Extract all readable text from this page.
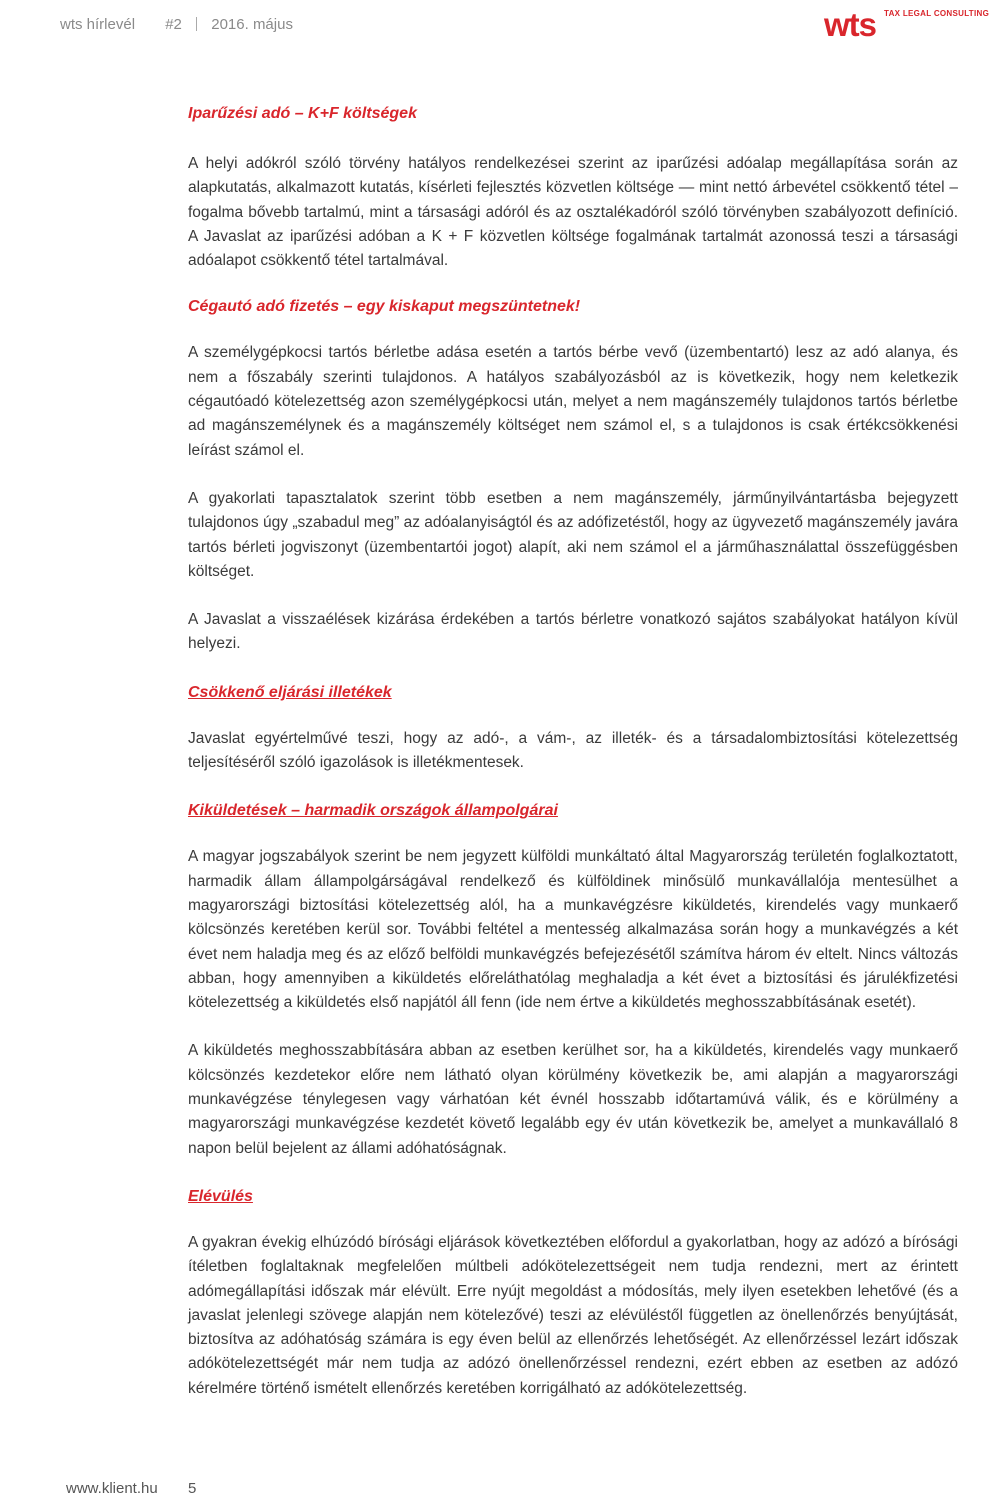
wts hírlevél #2 2016. május	wts TAX LEGAL CONSULTING
Iparűzési adó – K+F költségek

A helyi adókról szóló törvény hatályos rendelkezései szerint az iparűzési adóalap megállapítása során az alapkutatás, alkalmazott kutatás, kísérleti fejlesztés közvetlen költsége — mint nettó árbevétel csökkentő tétel – fogalma bővebb tartalmú, mint a társasági adóról és az osztalékadóról szóló törvényben szabályozott definíció. A Javaslat az iparűzési adóban a K + F közvetlen költsége fogalmának tartalmát azonossá teszi a társasági adóalapot csökkentő tétel tartalmával.

Cégautó adó fizetés – egy kiskaput megszüntetnek!

A személygépkocsi tartós bérletbe adása esetén a tartós bérbe vevő (üzembentartó) lesz az adó alanya, és nem a főszabály szerinti tulajdonos. A hatályos szabályozásból az is következik, hogy nem keletkezik cégautóadó kötelezettség azon személygépkocsi után, melyet a nem magánszemély tulajdonos tartós bérletbe ad magánszemélynek és a magánszemély költséget nem számol el, s a tulajdonos is csak értékcsökkenési leírást számol el.

A gyakorlati tapasztalatok szerint több esetben a nem magánszemély, járműnyilvántartásba bejegyzett tulajdonos úgy „szabadul meg” az adóalanyiságtól és az adófizetéstől, hogy az ügyvezető magánszemély javára tartós bérleti jogviszonyt (üzembentartói jogot) alapít, aki nem számol el a járműhasználattal összefüggésben költséget.

A Javaslat a visszaélések kizárása érdekében a tartós bérletre vonatkozó sajátos szabályokat hatályon kívül helyezi.

Csökkenő eljárási illetékek

Javaslat egyértelművé teszi, hogy az adó-, a vám-, az illeték- és a társadalombiztosítási kötelezettség teljesítéséről szóló igazolások is illetékmentesek.

Kiküldetések – harmadik országok állampolgárai

A magyar jogszabályok szerint be nem jegyzett külföldi munkáltató által Magyarország területén foglalkoztatott, harmadik állam állampolgárságával rendelkező és külföldinek minősülő munkavállalója mentesülhet a magyarországi biztosítási kötelezettség alól, ha a munkavégzésre kiküldetés, kirendelés vagy munkaerő kölcsönzés keretében kerül sor. További feltétel a mentesség alkalmazása során hogy a munkavégzés a két évet nem haladja meg és az előző belföldi munkavégzés befejezésétől számítva három év eltelt. Nincs változás abban, hogy amennyiben a kiküldetés előreláthatólag meghaladja a két évet a biztosítási és járulékfizetési kötelezettség a kiküldetés első napjától áll fenn (ide nem értve a kiküldetés meghosszabbításának esetét).

A kiküldetés meghosszabbítására abban az esetben kerülhet sor, ha a kiküldetés, kirendelés vagy munkaerő kölcsönzés kezdetekor előre nem látható olyan körülmény következik be, ami alapján a magyarországi munkavégzése ténylegesen vagy várhatóan két évnél hosszabb időtartamúvá válik, és e körülmény a magyarországi munkavégzése kezdetét követő legalább egy év után következik be, amelyet a munkavállaló 8 napon belül bejelent az állami adóhatóságnak.

Elévülés

A gyakran évekig elhúzódó bírósági eljárások következtében előfordul a gyakorlatban, hogy az adózó a bírósági ítéletben foglaltaknak megfelelően múltbeli adókötelezettségeit nem tudja rendezni, mert az érintett adómegállapítási időszak már elévült. Erre nyújt megoldást a módosítás, mely ilyen esetekben lehetővé (és a javaslat jelenlegi szövege alapján nem kötelezővé) teszi az elévüléstől független az önellenőrzés benyújtását, biztosítva az adóhatóság számára is egy éven belül az ellenőrzés lehetőségét. Az ellenőrzéssel lezárt időszak adókötelezettségét már nem tudja az adózó önellenőrzéssel rendezni, ezért ebben az esetben az adózó kérelmére történő ismételt ellenőrzés keretében korrigálható az adókötelezettség.

www.klient.hu 5
